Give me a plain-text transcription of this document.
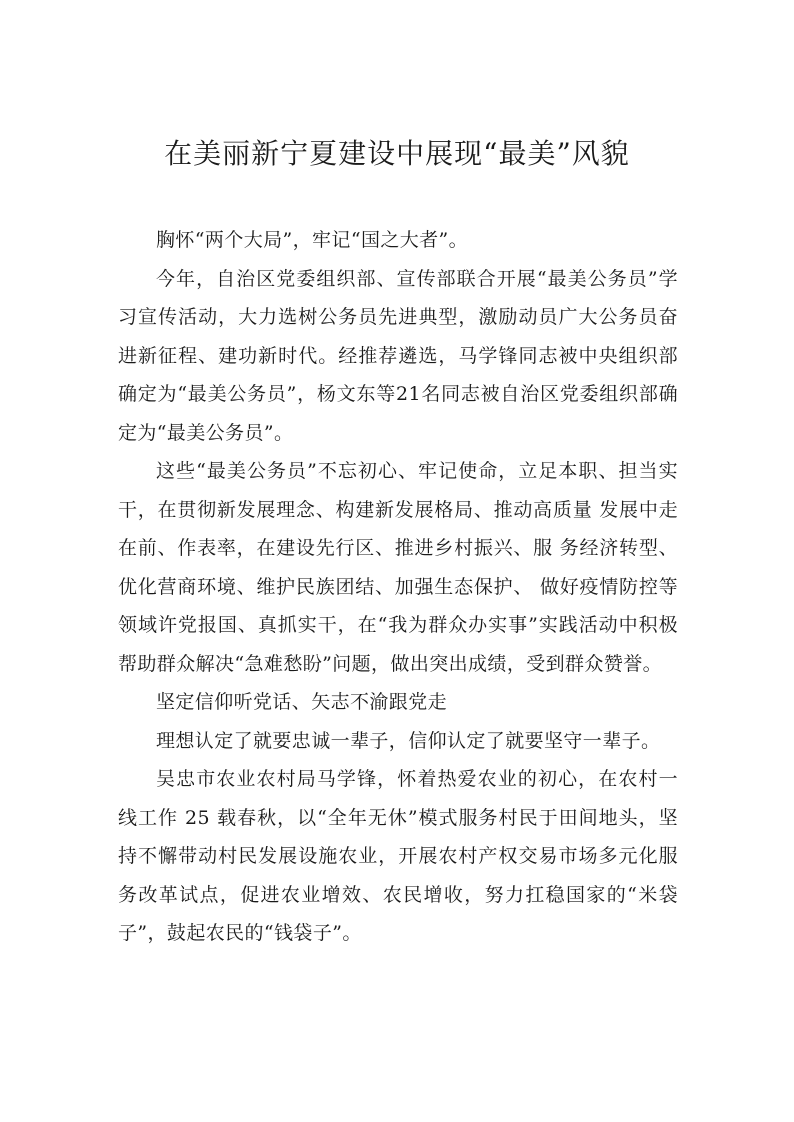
在美丽新宁夏建设中展现“最美”风貌

胸怀“两个大局”，牢记“国之大者”。

今年，自治区党委组织部、宣传部联合开展“最美公务员”学习宣传活动，大力选树公务员先进典型，激励动员广大公务员奋进新征程、建功新时代。经推荐遴选，马学锋同志被中央组织部确定为“最美公务员”，杨文东等21名同志被自治区党委组织部确定为“最美公务员”。

这些“最美公务员”不忘初心、牢记使命，立足本职、担当实干，在贯彻新发展理念、构建新发展格局、推动高质量 发展中走在前、作表率，在建设先行区、推进乡村振兴、服 务经济转型、优化营商环境、维护民族团结、加强生态保护、 做好疫情防控等领域许党报国、真抓实干，在“我为群众办实事”实践活动中积极帮助群众解决“急难愁盼”问题，做出突出成绩，受到群众赞誉。

坚定信仰听党话、矢志不渝跟党走

理想认定了就要忠诚一辈子，信仰认定了就要坚守一辈子。

吴忠市农业农村局马学锋，怀着热爱农业的初心，在农村一线工作 25 载春秋，以“全年无休”模式服务村民于田间地头，坚持不懈带动村民发展设施农业，开展农村产权交易市场多元化服务改革试点，促进农业增效、农民增收，努力扛稳国家的“米袋子”，鼓起农民的“钱袋子”。
